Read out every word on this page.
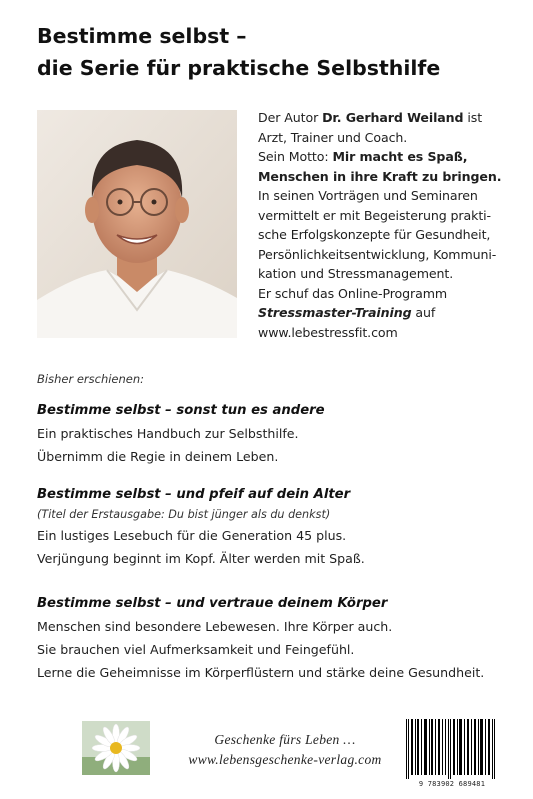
Bestimme selbst –
die Serie für praktische Selbsthilfe
Der Autor Dr. Gerhard Weiland ist
Arzt, Trainer und Coach.
Sein Motto: Mir macht es Spaß,
Menschen in ihre Kraft zu bringen.
In seinen Vorträgen und Seminaren
vermittelt er mit Begeisterung prakti-
sche Erfolgskonzepte für Gesundheit,
Persönlichkeitsentwicklung, Kommuni-
kation und Stressmanagement.
Er schuf das Online-Programm
Stressmaster-Training auf
www.lebestressfit.com
Bisher erschienen:
Bestimme selbst – sonst tun es andere
Ein praktisches Handbuch zur Selbsthilfe.
Übernimm die Regie in deinem Leben.
Bestimme selbst – und pfeif auf dein Alter
(Titel der Erstausgabe: Du bist jünger als du denkst)
Ein lustiges Lesebuch für die Generation 45 plus.
Verjüngung beginnt im Kopf. Älter werden mit Spaß.
Bestimme selbst – und vertraue deinem Körper
Menschen sind besondere Lebewesen. Ihre Körper auch.
Sie brauchen viel Aufmerksamkeit und Feingefühl.
Lerne die Geheimnisse im Körperflüstern und stärke deine Gesundheit.
Geschenke fürs Leben …
www.lebensgeschenke-verlag.com
9 783902 689481
